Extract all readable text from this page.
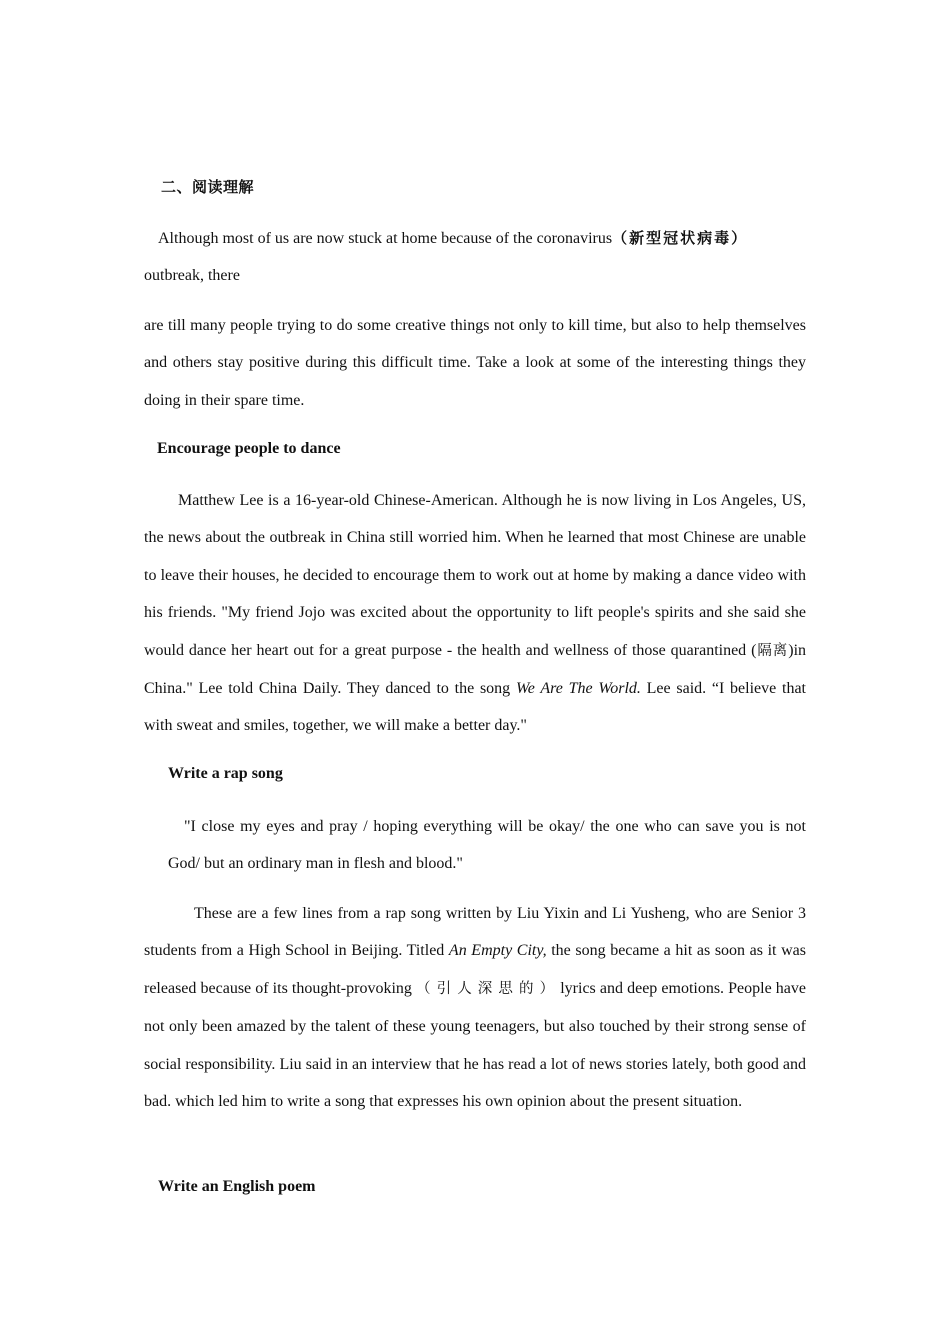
二、阅读理解

Although most of us are now stuck at home because of the coronavirus（新型冠状病毒）
outbreak, there

are till many people trying to do some creative things not only to kill time, but also to help themselves and others stay positive during this difficult time. Take a look at some of the interesting things they doing in their spare time.

Encourage people to dance

Matthew Lee is a 16-year-old Chinese-American. Although he is now living in Los Angeles, US, the news about the outbreak in China still worried him. When he learned that most Chinese are unable to leave their houses, he decided to encourage them to work out at home by making a dance video with his friends. "My friend Jojo was excited about the opportunity to lift people's spirits and she said she would dance her heart out for a great purpose - the health and wellness of those quarantined (隔离)in China." Lee told China Daily. They danced to the song We Are The World. Lee said. “I believe that with sweat and smiles, together, we will make a better day."

Write a rap song

"I close my eyes and pray / hoping everything will be okay/ the one who can save you is not God/ but an ordinary man in flesh and blood."

These are a few lines from a rap song written by Liu Yixin and Li Yusheng, who are Senior 3 students from a High School in Beijing. Titled An Empty City, the song became a hit as soon as it was released because of its thought-provoking （引人深思的）lyrics and deep emotions. People have not only been amazed by the talent of these young teenagers, but also touched by their strong sense of social responsibility. Liu said in an interview that he has read a lot of news stories lately, both good and bad. which led him to write a song that expresses his own opinion about the present situation.

Write an English poem
